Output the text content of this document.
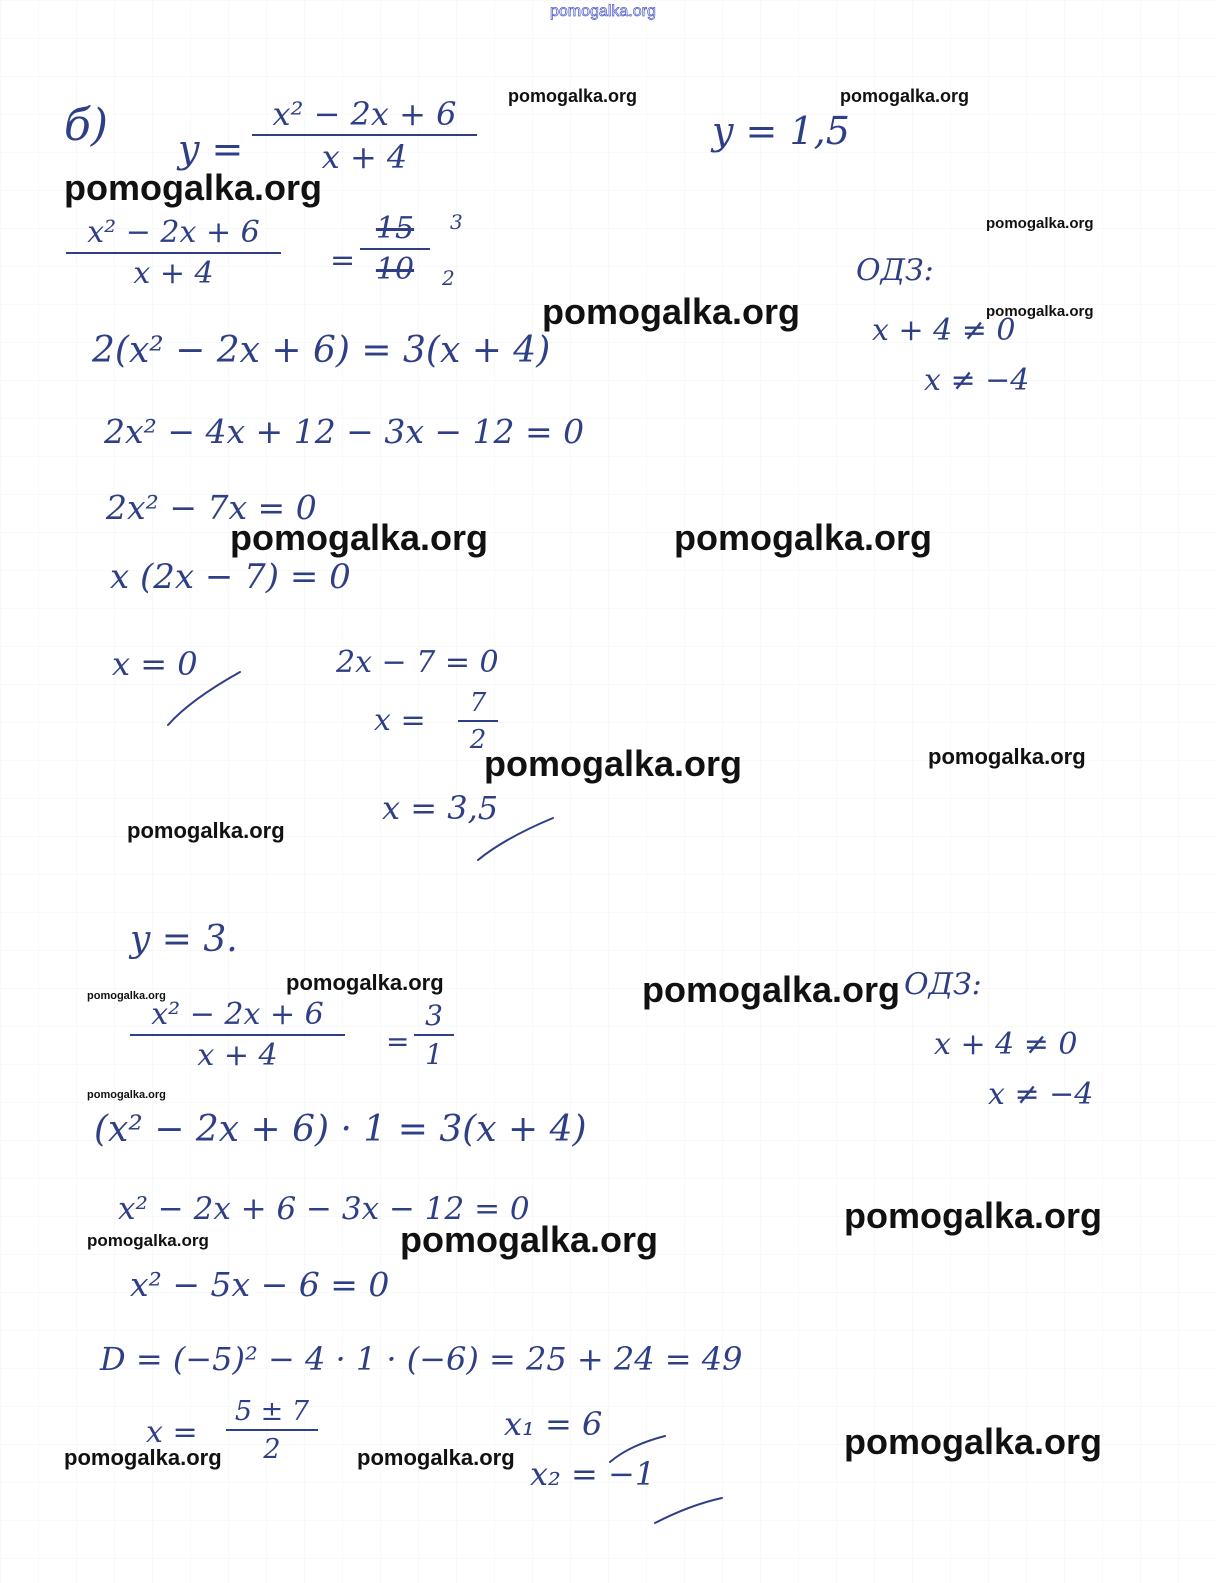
pomogalka.org
б) y =
x² − 2x + 6
x + 4
y = 1,5
x² − 2x + 6
x + 4	=
15
10
3
2
2(x² − 2x + 6) = 3(x + 4)
2x² − 4x + 12 − 3x − 12 = 0
2x² − 7x = 0
x (2x − 7) = 0
x = 0	2x − 7 = 0
x =	7
2
x = 3,5
ОДЗ:
x + 4 ≠ 0
x ≠ −4
y = 3.
x² − 2x + 6
x + 4	=
3
1
(x² − 2x + 6) · 1 = 3(x + 4)
x² − 2x + 6 − 3x − 12 = 0
x² − 5x − 6 = 0
D = (−5)² − 4 · 1 · (−6) = 25 + 24 = 49
x =
5 ± 7
2
x₁ = 6
x₂ = −1
ОДЗ:
x + 4 ≠ 0
x ≠ −4
pomogalka.org	pomogalka.org
pomogalka.org
pomogalka.org
pomogalka.org	pomogalka.org
pomogalka.org	pomogalka.org
pomogalka.org	pomogalka.org
pomogalka.org
pomogalka.org	pomogalka.org
pomogalka.org
pomogalka.org
pomogalka.org
pomogalka.org
pomogalka.org
pomogalka.org
pomogalka.org	pomogalka.org
